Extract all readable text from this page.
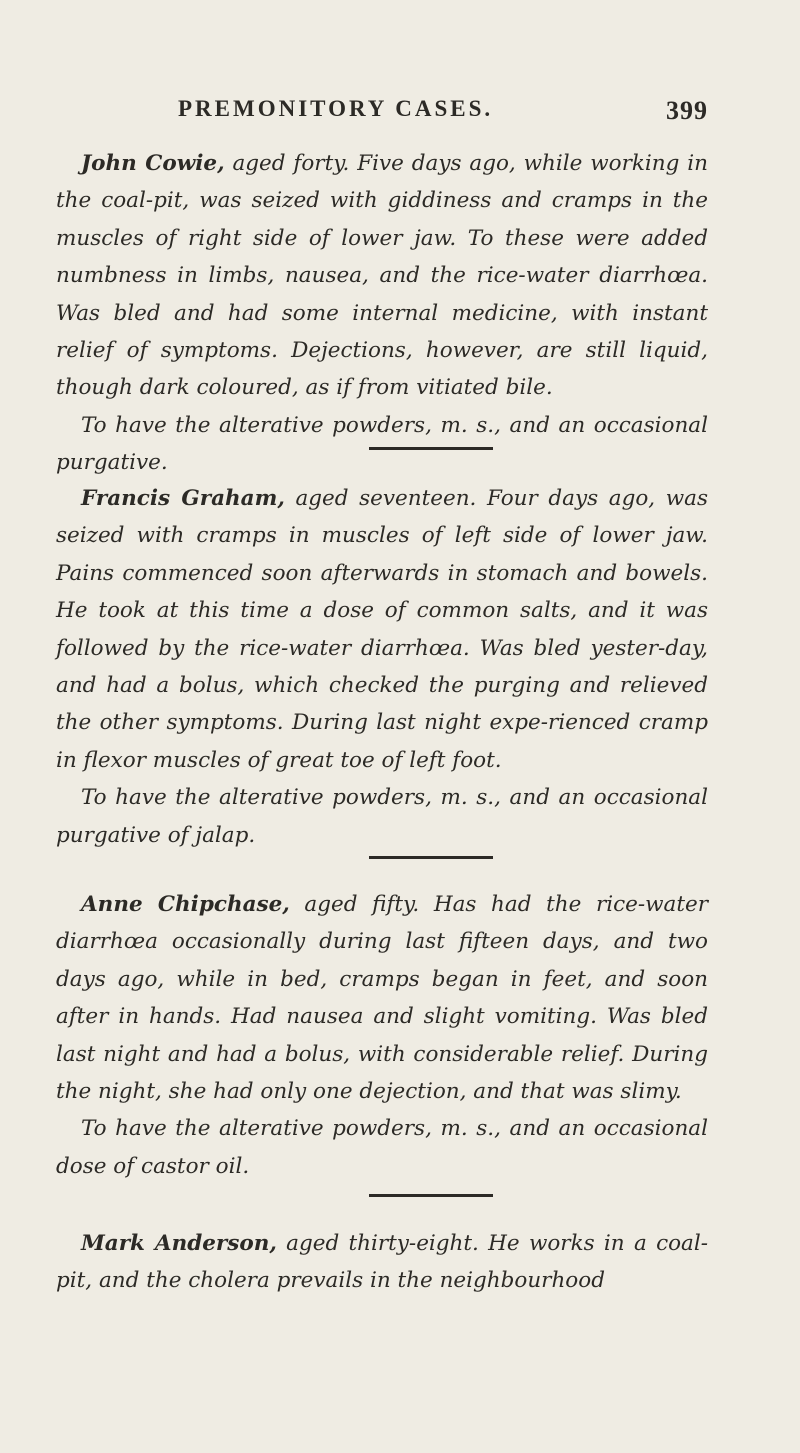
PREMONITORY CASES.	399

John Cowie, aged forty. Five days ago, while working in the coal-pit, was seized with giddiness and cramps in the muscles of right side of lower jaw. To these were added numbness in limbs, nausea, and the rice-water diarrhœa. Was bled and had some internal medicine, with instant relief of symptoms. Dejections, however, are still liquid, though dark coloured, as if from vitiated bile.

To have the alterative powders, m. s., and an occasional purgative.

Francis Graham, aged seventeen. Four days ago, was seized with cramps in muscles of left side of lower jaw. Pains commenced soon afterwards in stomach and bowels. He took at this time a dose of common salts, and it was followed by the rice-water diarrhœa. Was bled yester-day, and had a bolus, which checked the purging and relieved the other symptoms. During last night expe-rienced cramp in flexor muscles of great toe of left foot.

To have the alterative powders, m. s., and an occasional purgative of jalap.

Anne Chipchase, aged fifty. Has had the rice-water diarrhœa occasionally during last fifteen days, and two days ago, while in bed, cramps began in feet, and soon after in hands. Had nausea and slight vomiting. Was bled last night and had a bolus, with considerable relief. During the night, she had only one dejection, and that was slimy.

To have the alterative powders, m. s., and an occasional dose of castor oil.

Mark Anderson, aged thirty-eight. He works in a coal-pit, and the cholera prevails in the neighbourhood
